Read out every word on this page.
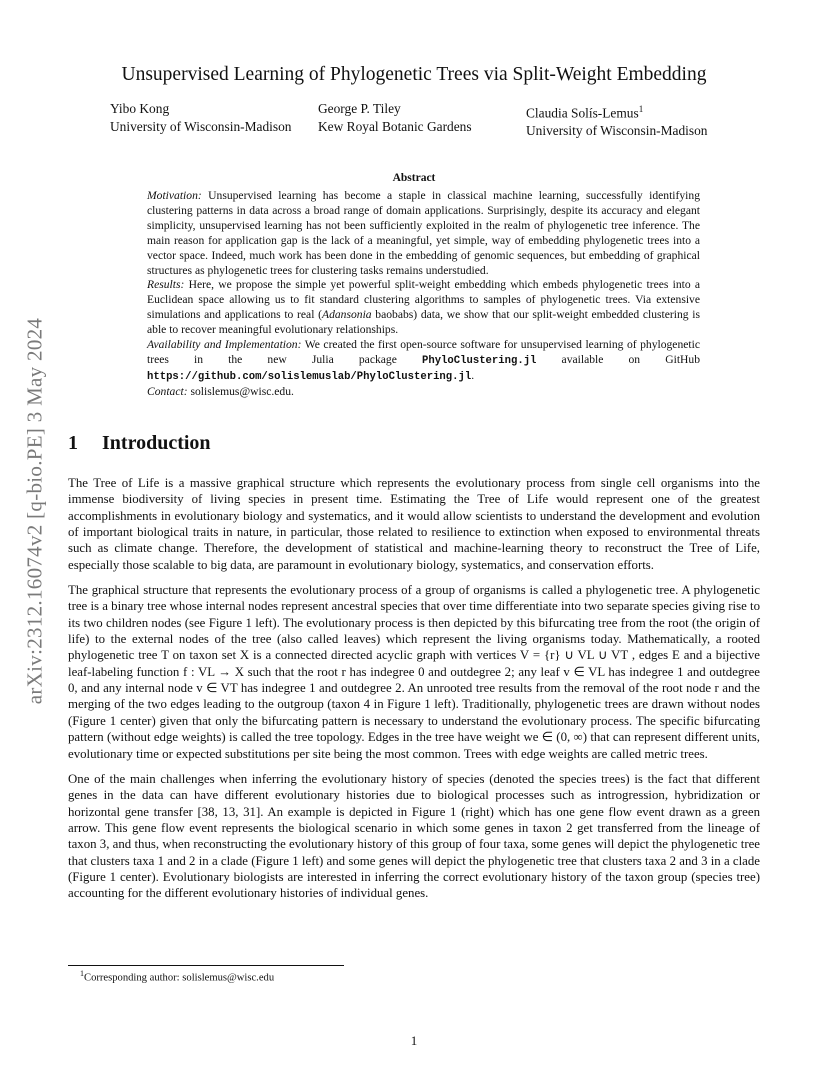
arXiv:2312.16074v2 [q-bio.PE] 3 May 2024
Unsupervised Learning of Phylogenetic Trees via Split-Weight Embedding
Yibo Kong
University of Wisconsin-Madison
George P. Tiley
Kew Royal Botanic Gardens
Claudia Solís-Lemus$^1$
University of Wisconsin-Madison
Abstract

Motivation: Unsupervised learning has become a staple in classical machine learning, successfully identifying clustering patterns in data across a broad range of domain applications. Surprisingly, despite its accuracy and elegant simplicity, unsupervised learning has not been sufficiently exploited in the realm of phylogenetic tree inference. The main reason for application gap is the lack of a meaningful, yet simple, way of embedding phylogenetic trees into a vector space. Indeed, much work has been done in the embedding of genomic sequences, but embedding of graphical structures as phylogenetic trees for clustering tasks remains understudied.

Results: Here, we propose the simple yet powerful split-weight embedding which embeds phylogenetic trees into a Euclidean space allowing us to fit standard clustering algorithms to samples of phylogenetic trees. Via extensive simulations and applications to real (Adansonia baobabs) data, we show that our split-weight embedded clustering is able to recover meaningful evolutionary relationships.

Availability and Implementation: We created the first open-source software for unsupervised learning of phylogenetic trees in the new Julia package PhyloClustering.jl available on GitHub https://github.com/solislemuslab/PhyloClustering.jl.

Contact: solislemus@wisc.edu.

1 Introduction

The Tree of Life is a massive graphical structure which represents the evolutionary process from single cell organisms into the immense biodiversity of living species in present time. Estimating the Tree of Life would represent one of the greatest accomplishments in evolutionary biology and systematics, and it would allow scientists to understand the development and evolution of important biological traits in nature, in particular, those related to resilience to extinction when exposed to environmental threats such as climate change. Therefore, the development of statistical and machine-learning theory to reconstruct the Tree of Life, especially those scalable to big data, are paramount in evolutionary biology, systematics, and conservation efforts.

The graphical structure that represents the evolutionary process of a group of organisms is called a phylogenetic tree. A phylogenetic tree is a binary tree whose internal nodes represent ancestral species that over time differentiate into two separate species giving rise to its two children nodes (see Figure 1 left). The evolutionary process is then depicted by this bifurcating tree from the root (the origin of life) to the external nodes of the tree (also called leaves) which represent the living organisms today. Mathematically, a rooted phylogenetic tree T on taxon set X is a connected directed acyclic graph with vertices V = {r} ∪ VL ∪ VT , edges E and a bijective leaf-labeling function f : VL → X such that the root r has indegree 0 and outdegree 2; any leaf v ∈ VL has indegree 1 and outdegree 0, and any internal node v ∈ VT has indegree 1 and outdegree 2. An unrooted tree results from the removal of the root node r and the merging of the two edges leading to the outgroup (taxon 4 in Figure 1 left). Traditionally, phylogenetic trees are drawn without nodes (Figure 1 center) given that only the bifurcating pattern is necessary to understand the evolutionary process. The specific bifurcating pattern (without edge weights) is called the tree topology. Edges in the tree have weight we ∈ (0, ∞) that can represent different units, evolutionary time or expected substitutions per site being the most common. Trees with edge weights are called metric trees.

One of the main challenges when inferring the evolutionary history of species (denoted the species trees) is the fact that different genes in the data can have different evolutionary histories due to biological processes such as introgression, hybridization or horizontal gene transfer [38, 13, 31]. An example is depicted in Figure 1 (right) which has one gene flow event drawn as a green arrow. This gene flow event represents the biological scenario in which some genes in taxon 2 get transferred from the lineage of taxon 3, and thus, when reconstructing the evolutionary history of this group of four taxa, some genes will depict the phylogenetic tree that clusters taxa 1 and 2 in a clade (Figure 1 left) and some genes will depict the phylogenetic tree that clusters taxa 2 and 3 in a clade (Figure 1 center). Evolutionary biologists are interested in inferring the correct evolutionary history of the taxon group (species tree) accounting for the different evolutionary histories of individual genes.

$^1$Corresponding author: solislemus@wisc.edu
1
